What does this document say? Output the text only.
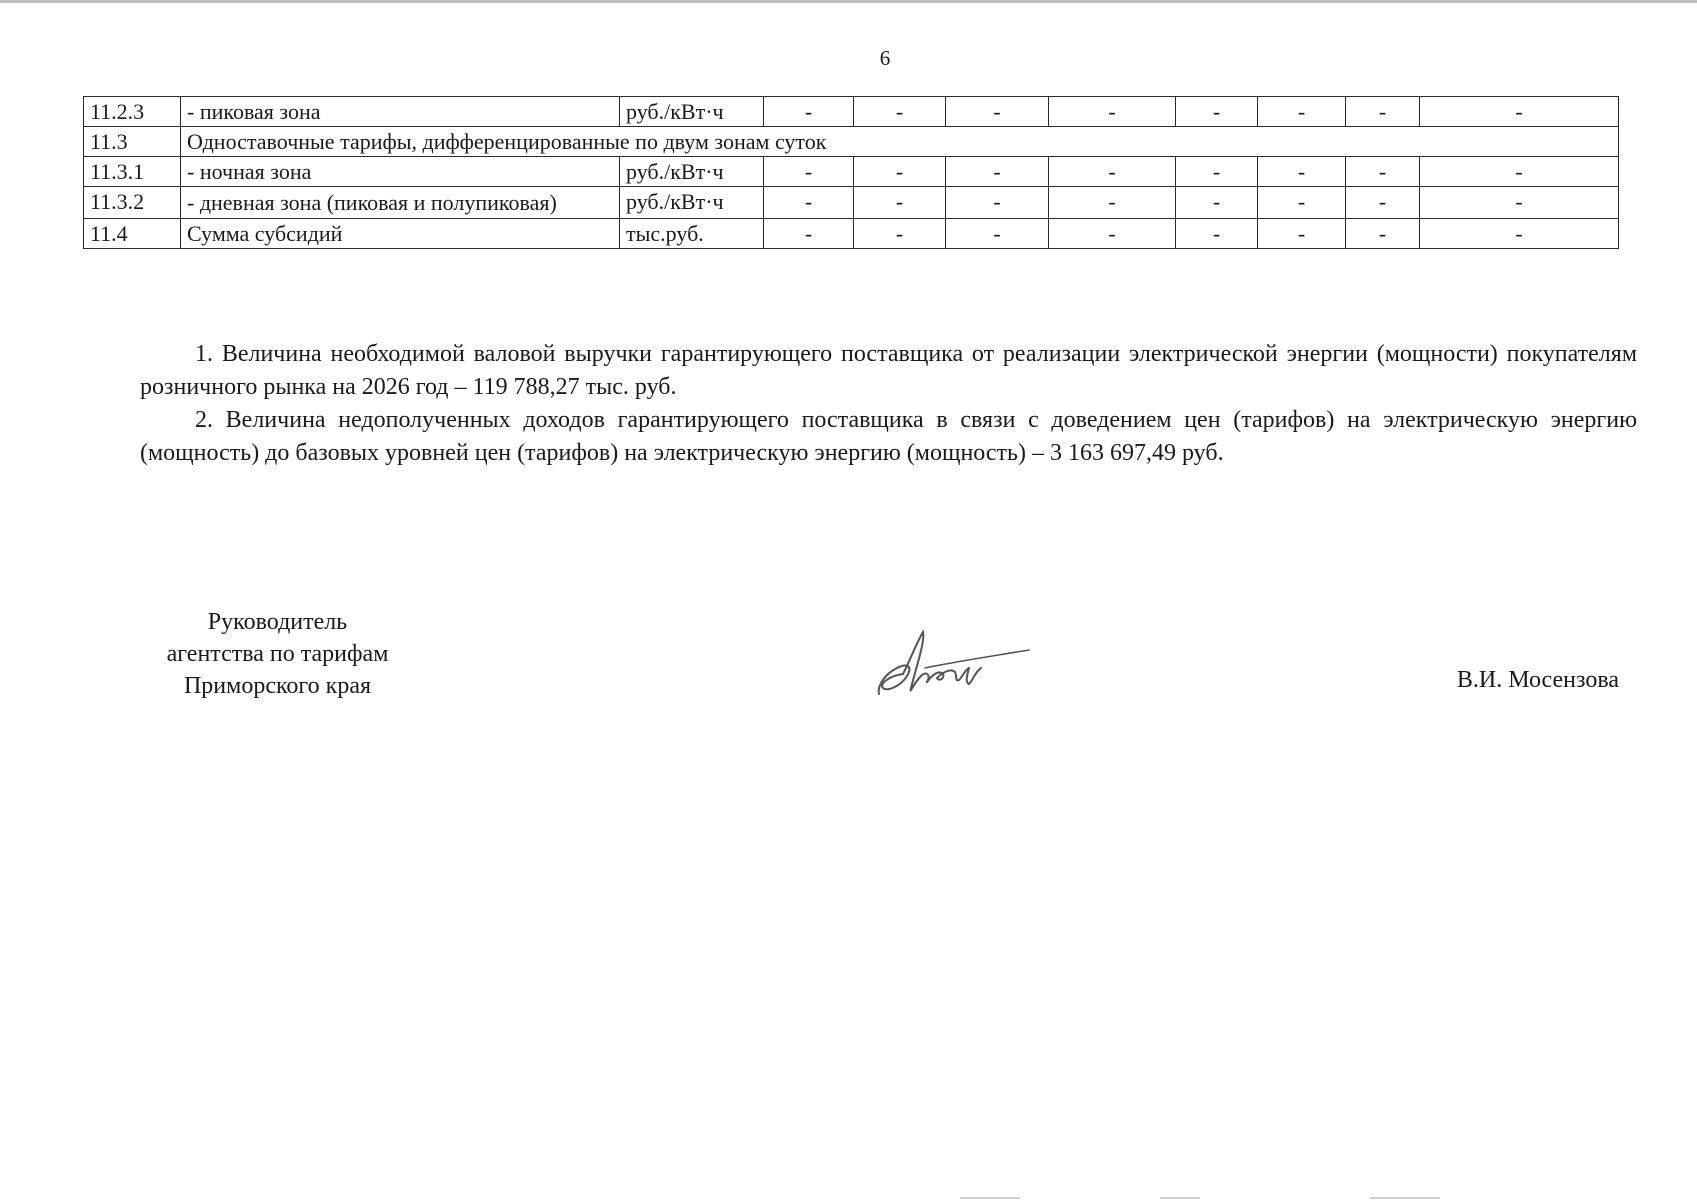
6
11.2.3	- пиковая зона	руб./кВт·ч	-	-	-	-	-	-	-	-
11.3	Одноставочные тарифы, дифференцированные по двум зонам суток									
11.3.1	- ночная зона	руб./кВт·ч	-	-	-	-	-	-	-	-
11.3.2	- дневная зона (пиковая и полупиковая)	руб./кВт·ч	-	-	-	-	-	-	-	-
11.4	Сумма субсидий	тыс.руб.	-	-	-	-	-	-	-	-

1. Величина необходимой валовой выручки гарантирующего поставщика от реализации электрической энергии (мощности) покупателям розничного рынка на 2026 год – 119 788,27 тыс. руб.

2. Величина недополученных доходов гарантирующего поставщика в связи с доведением цен (тарифов) на электрическую энергию (мощность) до базовых уровней цен (тарифов) на электрическую энергию (мощность) – 3 163 697,49 руб.

Руководитель
агентства по тарифам
Приморского края	В.И. Мосензова
